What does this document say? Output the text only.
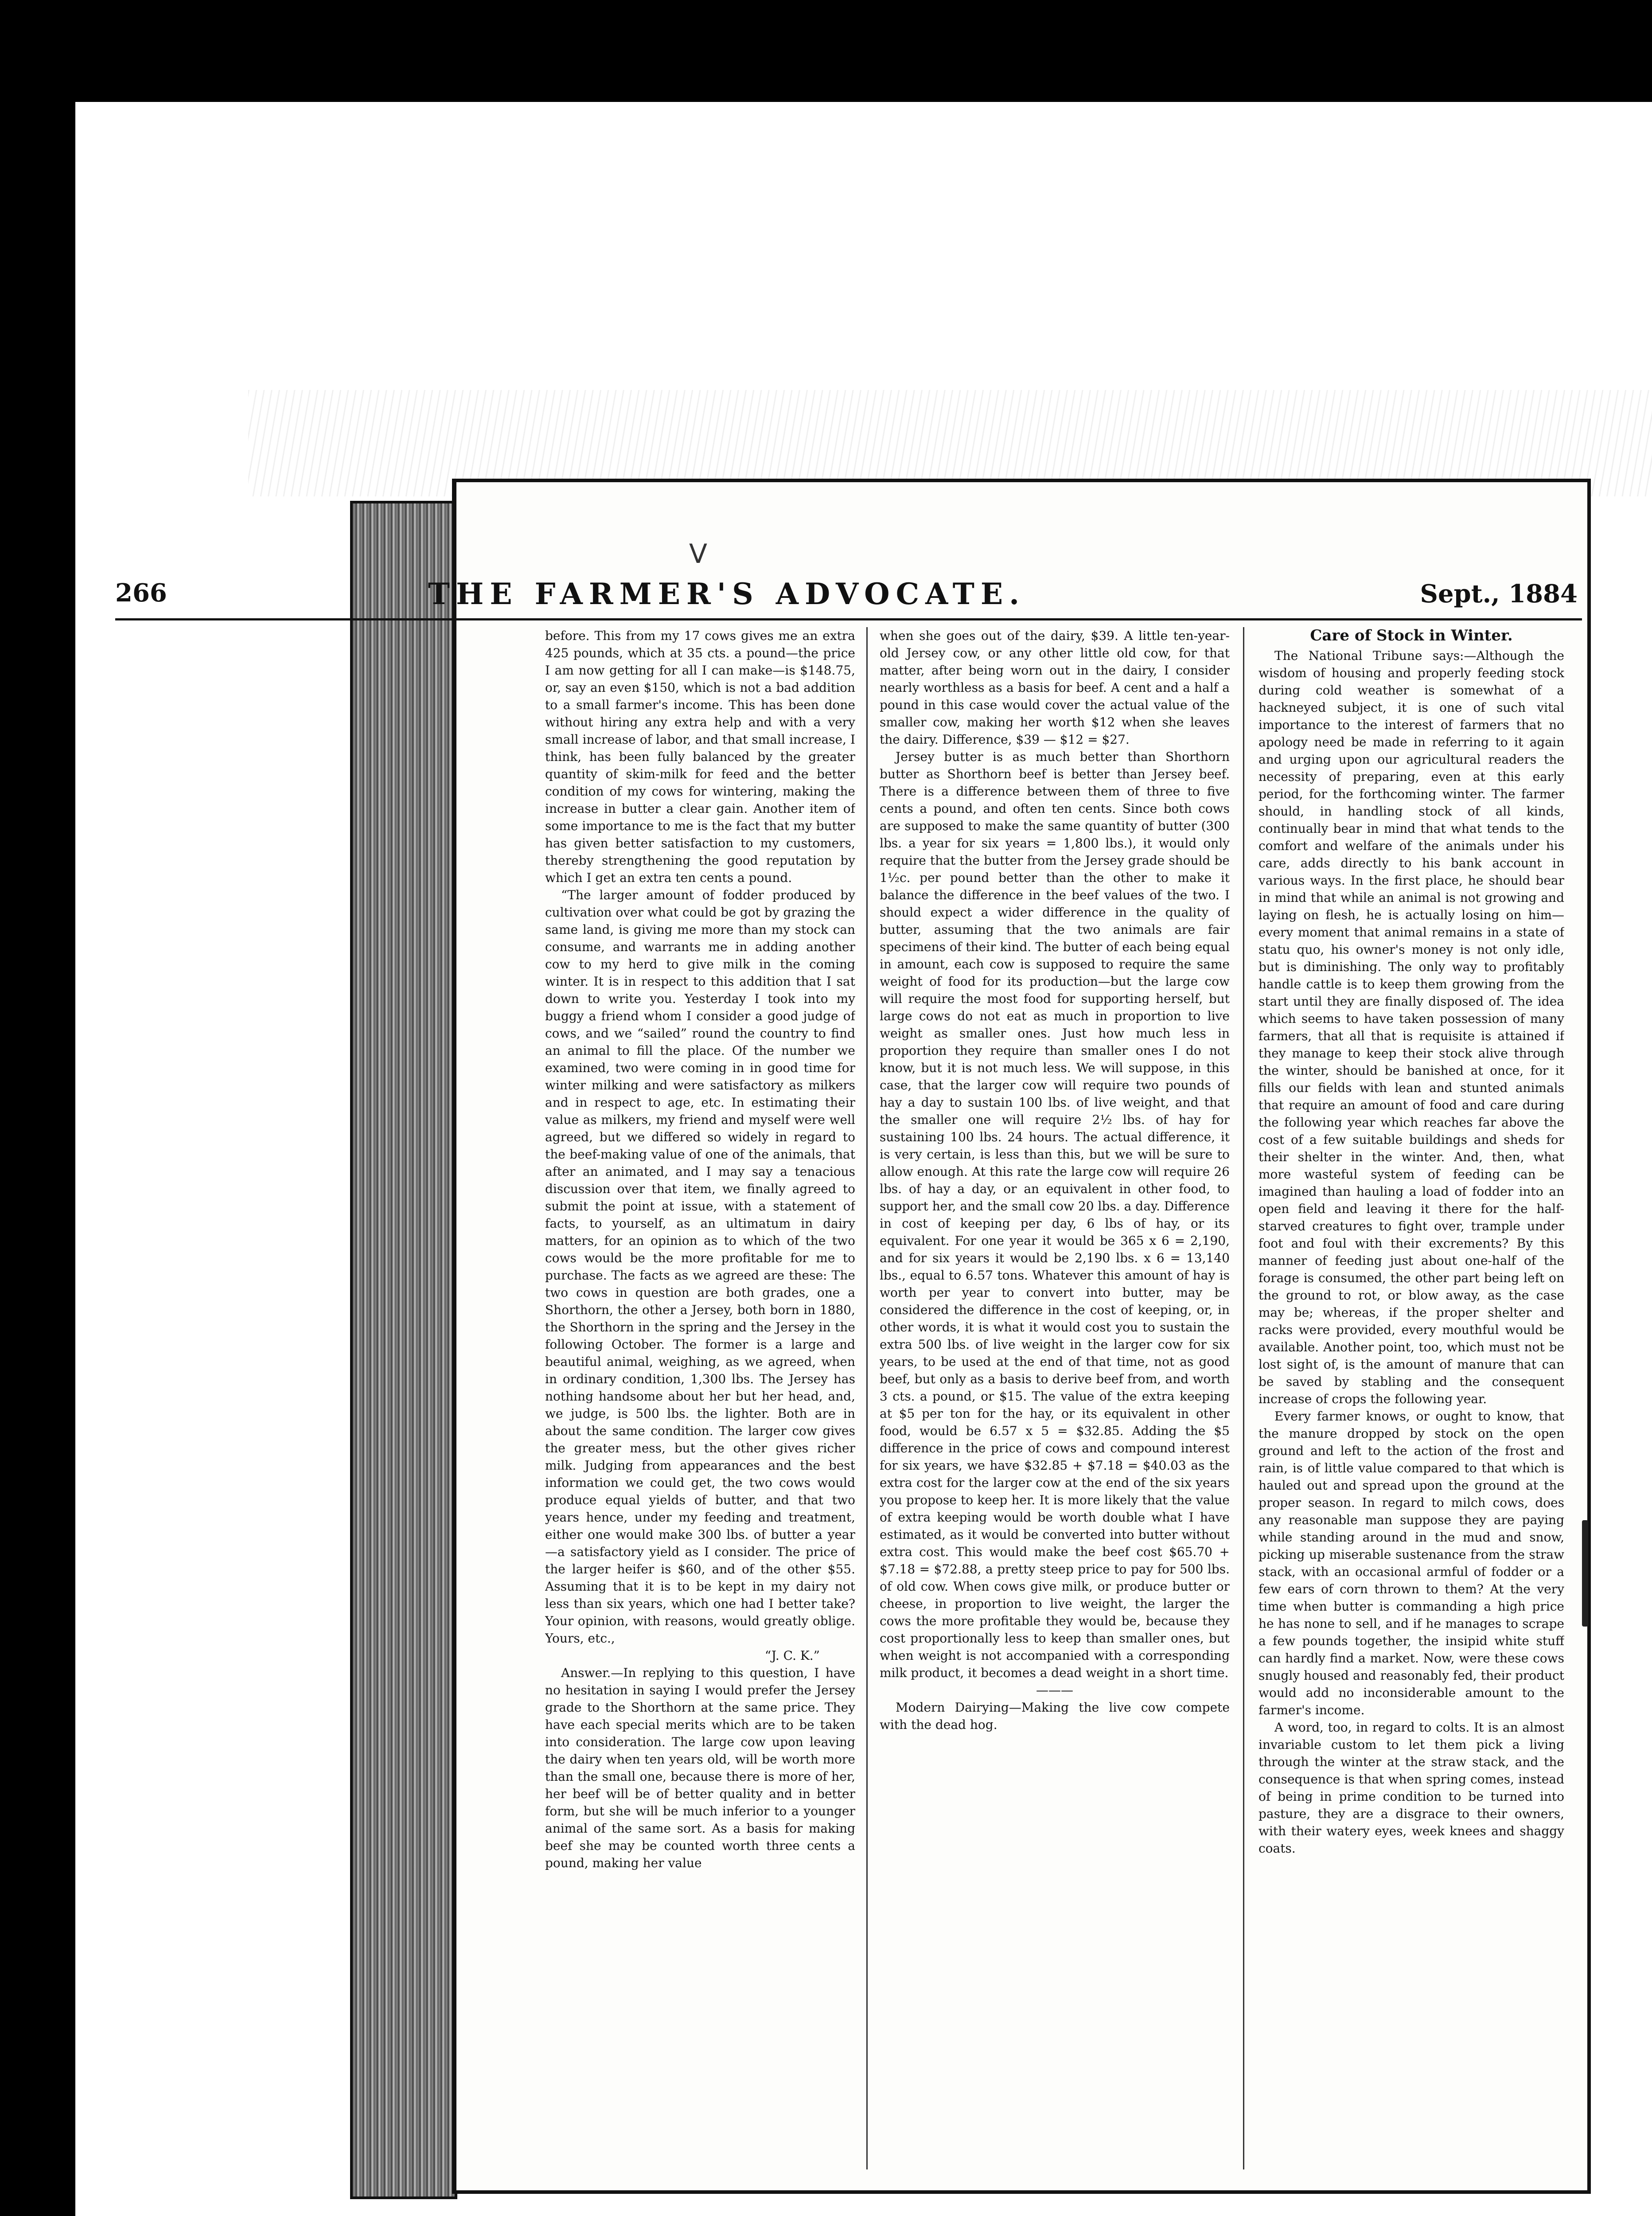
ᐯ
266	THE FARMER'S ADVOCATE.	Sept., 1884

before. This from my 17 cows gives me an extra 425 pounds, which at 35 cts. a pound—the price I am now getting for all I can make—is $148.75, or, say an even $150, which is not a bad addition to a small farmer's income. This has been done without hiring any extra help and with a very small increase of labor, and that small increase, I think, has been fully balanced by the greater quantity of skim-milk for feed and the better condition of my cows for wintering, making the increase in butter a clear gain. Another item of some importance to me is the fact that my butter has given better satisfaction to my customers, thereby strengthening the good reputation by which I get an extra ten cents a pound.

“The larger amount of fodder produced by cultivation over what could be got by grazing the same land, is giving me more than my stock can consume, and warrants me in adding another cow to my herd to give milk in the coming winter. It is in respect to this addition that I sat down to write you. Yesterday I took into my buggy a friend whom I consider a good judge of cows, and we “sailed” round the country to find an animal to fill the place. Of the number we examined, two were coming in in good time for winter milking and were satisfactory as milkers and in respect to age, etc. In estimating their value as milkers, my friend and myself were well agreed, but we differed so widely in regard to the beef-making value of one of the animals, that after an animated, and I may say a tenacious discussion over that item, we finally agreed to submit the point at issue, with a statement of facts, to yourself, as an ultimatum in dairy matters, for an opinion as to which of the two cows would be the more profitable for me to purchase. The facts as we agreed are these: The two cows in question are both grades, one a Shorthorn, the other a Jersey, both born in 1880, the Shorthorn in the spring and the Jersey in the following October. The former is a large and beautiful animal, weighing, as we agreed, when in ordinary condition, 1,300 lbs. The Jersey has nothing handsome about her but her head, and, we judge, is 500 lbs. the lighter. Both are in about the same condition. The larger cow gives the greater mess, but the other gives richer milk. Judging from appearances and the best information we could get, the two cows would produce equal yields of butter, and that two years hence, under my feeding and treatment, either one would make 300 lbs. of butter a year—a satisfactory yield as I consider. The price of the larger heifer is $60, and of the other $55. Assuming that it is to be kept in my dairy not less than six years, which one had I better take? Your opinion, with reasons, would greatly oblige. Yours, etc.,

“J. C. K.”

Answer.—In replying to this question, I have no hesitation in saying I would prefer the Jersey grade to the Shorthorn at the same price. They have each special merits which are to be taken into consideration. The large cow upon leaving the dairy when ten years old, will be worth more than the small one, because there is more of her, her beef will be of better quality and in better form, but she will be much inferior to a younger animal of the same sort. As a basis for making beef she may be counted worth three cents a pound, making her value

when she goes out of the dairy, $39. A little ten-year-old Jersey cow, or any other little old cow, for that matter, after being worn out in the dairy, I consider nearly worthless as a basis for beef. A cent and a half a pound in this case would cover the actual value of the smaller cow, making her worth $12 when she leaves the dairy. Difference, $39 — $12 = $27.

Jersey butter is as much better than Shorthorn butter as Shorthorn beef is better than Jersey beef. There is a difference between them of three to five cents a pound, and often ten cents. Since both cows are supposed to make the same quantity of butter (300 lbs. a year for six years = 1,800 lbs.), it would only require that the butter from the Jersey grade should be 1½c. per pound better than the other to make it balance the difference in the beef values of the two. I should expect a wider difference in the quality of butter, assuming that the two animals are fair specimens of their kind. The butter of each being equal in amount, each cow is supposed to require the same weight of food for its production—but the large cow will require the most food for supporting herself, but large cows do not eat as much in proportion to live weight as smaller ones. Just how much less in proportion they require than smaller ones I do not know, but it is not much less. We will suppose, in this case, that the larger cow will require two pounds of hay a day to sustain 100 lbs. of live weight, and that the smaller one will require 2½ lbs. of hay for sustaining 100 lbs. 24 hours. The actual difference, it is very certain, is less than this, but we will be sure to allow enough. At this rate the large cow will require 26 lbs. of hay a day, or an equivalent in other food, to support her, and the small cow 20 lbs. a day. Difference in cost of keeping per day, 6 lbs of hay, or its equivalent. For one year it would be 365 x 6 = 2,190, and for six years it would be 2,190 lbs. x 6 = 13,140 lbs., equal to 6.57 tons. Whatever this amount of hay is worth per year to convert into butter, may be considered the difference in the cost of keeping, or, in other words, it is what it would cost you to sustain the extra 500 lbs. of live weight in the larger cow for six years, to be used at the end of that time, not as good beef, but only as a basis to derive beef from, and worth 3 cts. a pound, or $15. The value of the extra keeping at $5 per ton for the hay, or its equivalent in other food, would be 6.57 x 5 = $32.85. Adding the $5 difference in the price of cows and compound interest for six years, we have $32.85 + $7.18 = $40.03 as the extra cost for the larger cow at the end of the six years you propose to keep her. It is more likely that the value of extra keeping would be worth double what I have estimated, as it would be converted into butter without extra cost. This would make the beef cost $65.70 + $7.18 = $72.88, a pretty steep price to pay for 500 lbs. of old cow. When cows give milk, or produce butter or cheese, in proportion to live weight, the larger the cows the more profitable they would be, because they cost proportionally less to keep than smaller ones, but when weight is not accompanied with a corresponding milk product, it becomes a dead weight in a short time.

———

Modern Dairying—Making the live cow compete with the dead hog.

Care of Stock in Winter.

The National Tribune says:—Although the wisdom of housing and properly feeding stock during cold weather is somewhat of a hackneyed subject, it is one of such vital importance to the interest of farmers that no apology need be made in referring to it again and urging upon our agricultural readers the necessity of preparing, even at this early period, for the forthcoming winter. The farmer should, in handling stock of all kinds, continually bear in mind that what tends to the comfort and welfare of the animals under his care, adds directly to his bank account in various ways. In the first place, he should bear in mind that while an animal is not growing and laying on flesh, he is actually losing on him—every moment that animal remains in a state of statu quo, his owner's money is not only idle, but is diminishing. The only way to profitably handle cattle is to keep them growing from the start until they are finally disposed of. The idea which seems to have taken possession of many farmers, that all that is requisite is attained if they manage to keep their stock alive through the winter, should be banished at once, for it fills our fields with lean and stunted animals that require an amount of food and care during the following year which reaches far above the cost of a few suitable buildings and sheds for their shelter in the winter. And, then, what more wasteful system of feeding can be imagined than hauling a load of fodder into an open field and leaving it there for the half-starved creatures to fight over, trample under foot and foul with their excrements? By this manner of feeding just about one-half of the forage is consumed, the other part being left on the ground to rot, or blow away, as the case may be; whereas, if the proper shelter and racks were provided, every mouthful would be available. Another point, too, which must not be lost sight of, is the amount of manure that can be saved by stabling and the consequent increase of crops the following year.

Every farmer knows, or ought to know, that the manure dropped by stock on the open ground and left to the action of the frost and rain, is of little value compared to that which is hauled out and spread upon the ground at the proper season. In regard to milch cows, does any reasonable man suppose they are paying while standing around in the mud and snow, picking up miserable sustenance from the straw stack, with an occasional armful of fodder or a few ears of corn thrown to them? At the very time when butter is commanding a high price he has none to sell, and if he manages to scrape a few pounds together, the insipid white stuff can hardly find a market. Now, were these cows snugly housed and reasonably fed, their product would add no inconsiderable amount to the farmer's income.

A word, too, in regard to colts. It is an almost invariable custom to let them pick a living through the winter at the straw stack, and the consequence is that when spring comes, instead of being in prime condition to be turned into pasture, they are a disgrace to their owners, with their watery eyes, week knees and shaggy coats.
